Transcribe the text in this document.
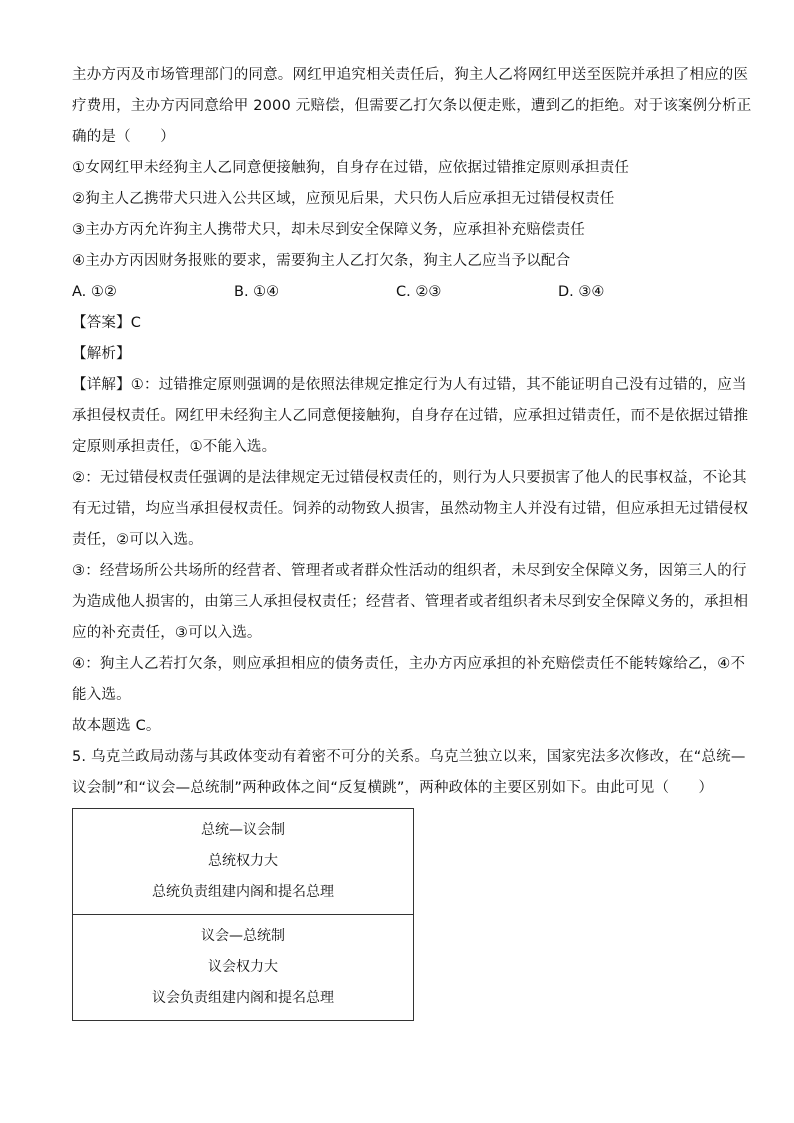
主办方丙及市场管理部门的同意。网红甲追究相关责任后，狗主人乙将网红甲送至医院并承担了相应的医
疗费用，主办方丙同意给甲 2000 元赔偿，但需要乙打欠条以便走账，遭到乙的拒绝。对于该案例分析正
确的是（　　）
①女网红甲未经狗主人乙同意便接触狗，自身存在过错，应依据过错推定原则承担责任
②狗主人乙携带犬只进入公共区域，应预见后果，犬只伤人后应承担无过错侵权责任
③主办方丙允许狗主人携带犬只，却未尽到安全保障义务，应承担补充赔偿责任
④主办方丙因财务报账的要求，需要狗主人乙打欠条，狗主人乙应当予以配合
A. ①②	B. ①④	C. ②③	D. ③④
【答案】C
【解析】
【详解】①：过错推定原则强调的是依照法律规定推定行为人有过错，其不能证明自己没有过错的，应当
承担侵权责任。网红甲未经狗主人乙同意便接触狗，自身存在过错，应承担过错责任，而不是依据过错推
定原则承担责任，①不能入选。
②：无过错侵权责任强调的是法律规定无过错侵权责任的，则行为人只要损害了他人的民事权益，不论其
有无过错，均应当承担侵权责任。饲养的动物致人损害，虽然动物主人并没有过错，但应承担无过错侵权
责任，②可以入选。
③：经营场所公共场所的经营者、管理者或者群众性活动的组织者，未尽到安全保障义务，因第三人的行
为造成他人损害的，由第三人承担侵权责任；经营者、管理者或者组织者未尽到安全保障义务的，承担相
应的补充责任，③可以入选。
④：狗主人乙若打欠条，则应承担相应的债务责任，主办方丙应承担的补充赔偿责任不能转嫁给乙，④不
能入选。
故本题选 C。
5. 乌克兰政局动荡与其政体变动有着密不可分的关系。乌克兰独立以来，国家宪法多次修改，在“总统—
议会制”和“议会—总统制”两种政体之间“反复横跳”，两种政体的主要区别如下。由此可见（　　）
总统—议会制
总统权力大
总统负责组建内阁和提名总理

议会—总统制
议会权力大
议会负责组建内阁和提名总理
